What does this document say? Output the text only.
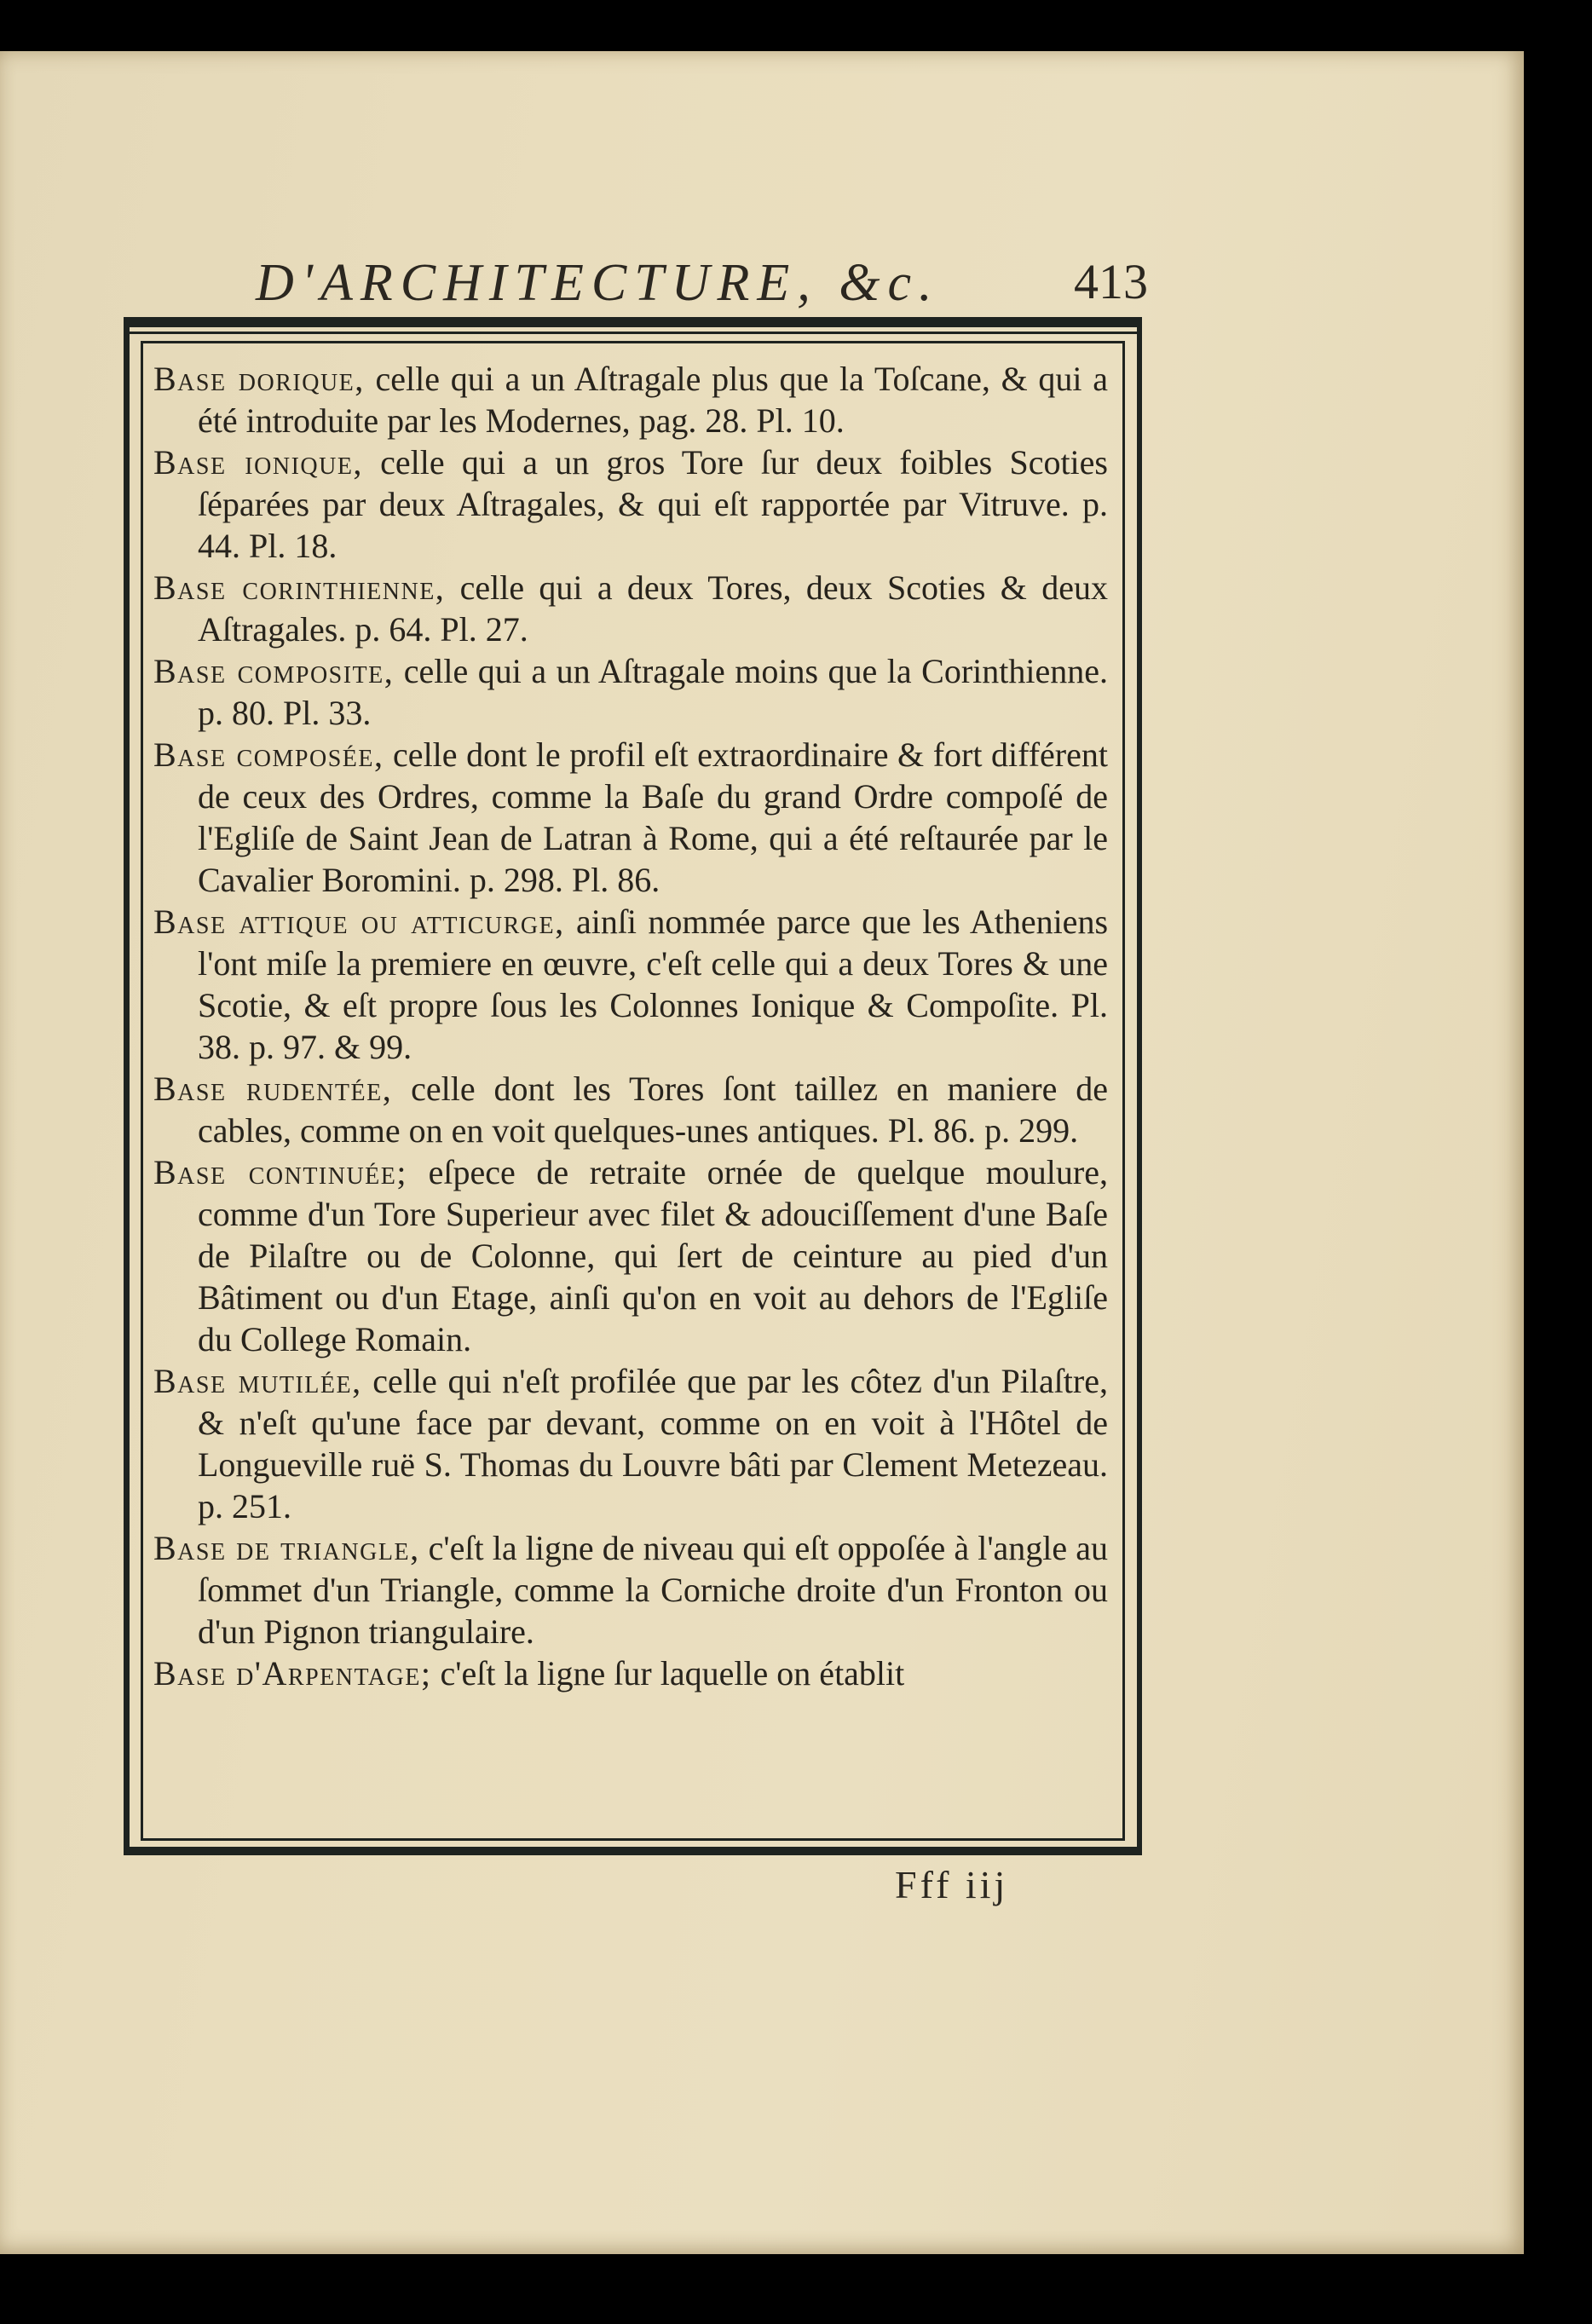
D'ARCHITECTURE, &c.	413

Base dorique, celle qui a un Aſtragale plus que la Toſcane, & qui a été introduite par les Modernes, pag. 28. Pl. 10.

Base ionique, celle qui a un gros Tore ſur deux foibles Scoties ſéparées par deux Aſtragales, & qui eſt rapportée par Vitruve. p. 44. Pl. 18.

Base corinthienne, celle qui a deux Tores, deux Scoties & deux Aſtragales. p. 64. Pl. 27.

Base composite, celle qui a un Aſtragale moins que la Corinthienne. p. 80. Pl. 33.

Base composée, celle dont le profil eſt extraordinaire & fort différent de ceux des Ordres, comme la Baſe du grand Ordre compoſé de l'Egliſe de Saint Jean de Latran à Rome, qui a été reſtaurée par le Cavalier Boromini. p. 298. Pl. 86.

Base attique ou atticurge, ainſi nommée parce que les Atheniens l'ont miſe la premiere en œuvre, c'eſt celle qui a deux Tores & une Scotie, & eſt propre ſous les Colonnes Ionique & Compoſite. Pl. 38. p. 97. & 99.

Base rudentée, celle dont les Tores ſont taillez en maniere de cables, comme on en voit quelques-unes antiques. Pl. 86. p. 299.

Base continuée; eſpece de retraite ornée de quelque moulure, comme d'un Tore Superieur avec filet & adouciſſement d'une Baſe de Pilaſtre ou de Colonne, qui ſert de ceinture au pied d'un Bâtiment ou d'un Etage, ainſi qu'on en voit au dehors de l'Egliſe du College Romain.

Base mutilée, celle qui n'eſt profilée que par les côtez d'un Pilaſtre, & n'eſt qu'une face par devant, comme on en voit à l'Hôtel de Longueville ruë S. Thomas du Louvre bâti par Clement Metezeau. p. 251.

Base de triangle, c'eſt la ligne de niveau qui eſt oppoſée à l'angle au ſommet d'un Triangle, comme la Corniche droite d'un Fronton ou d'un Pignon triangulaire.

Base d'Arpentage; c'eſt la ligne ſur laquelle on établit

Fff iij
